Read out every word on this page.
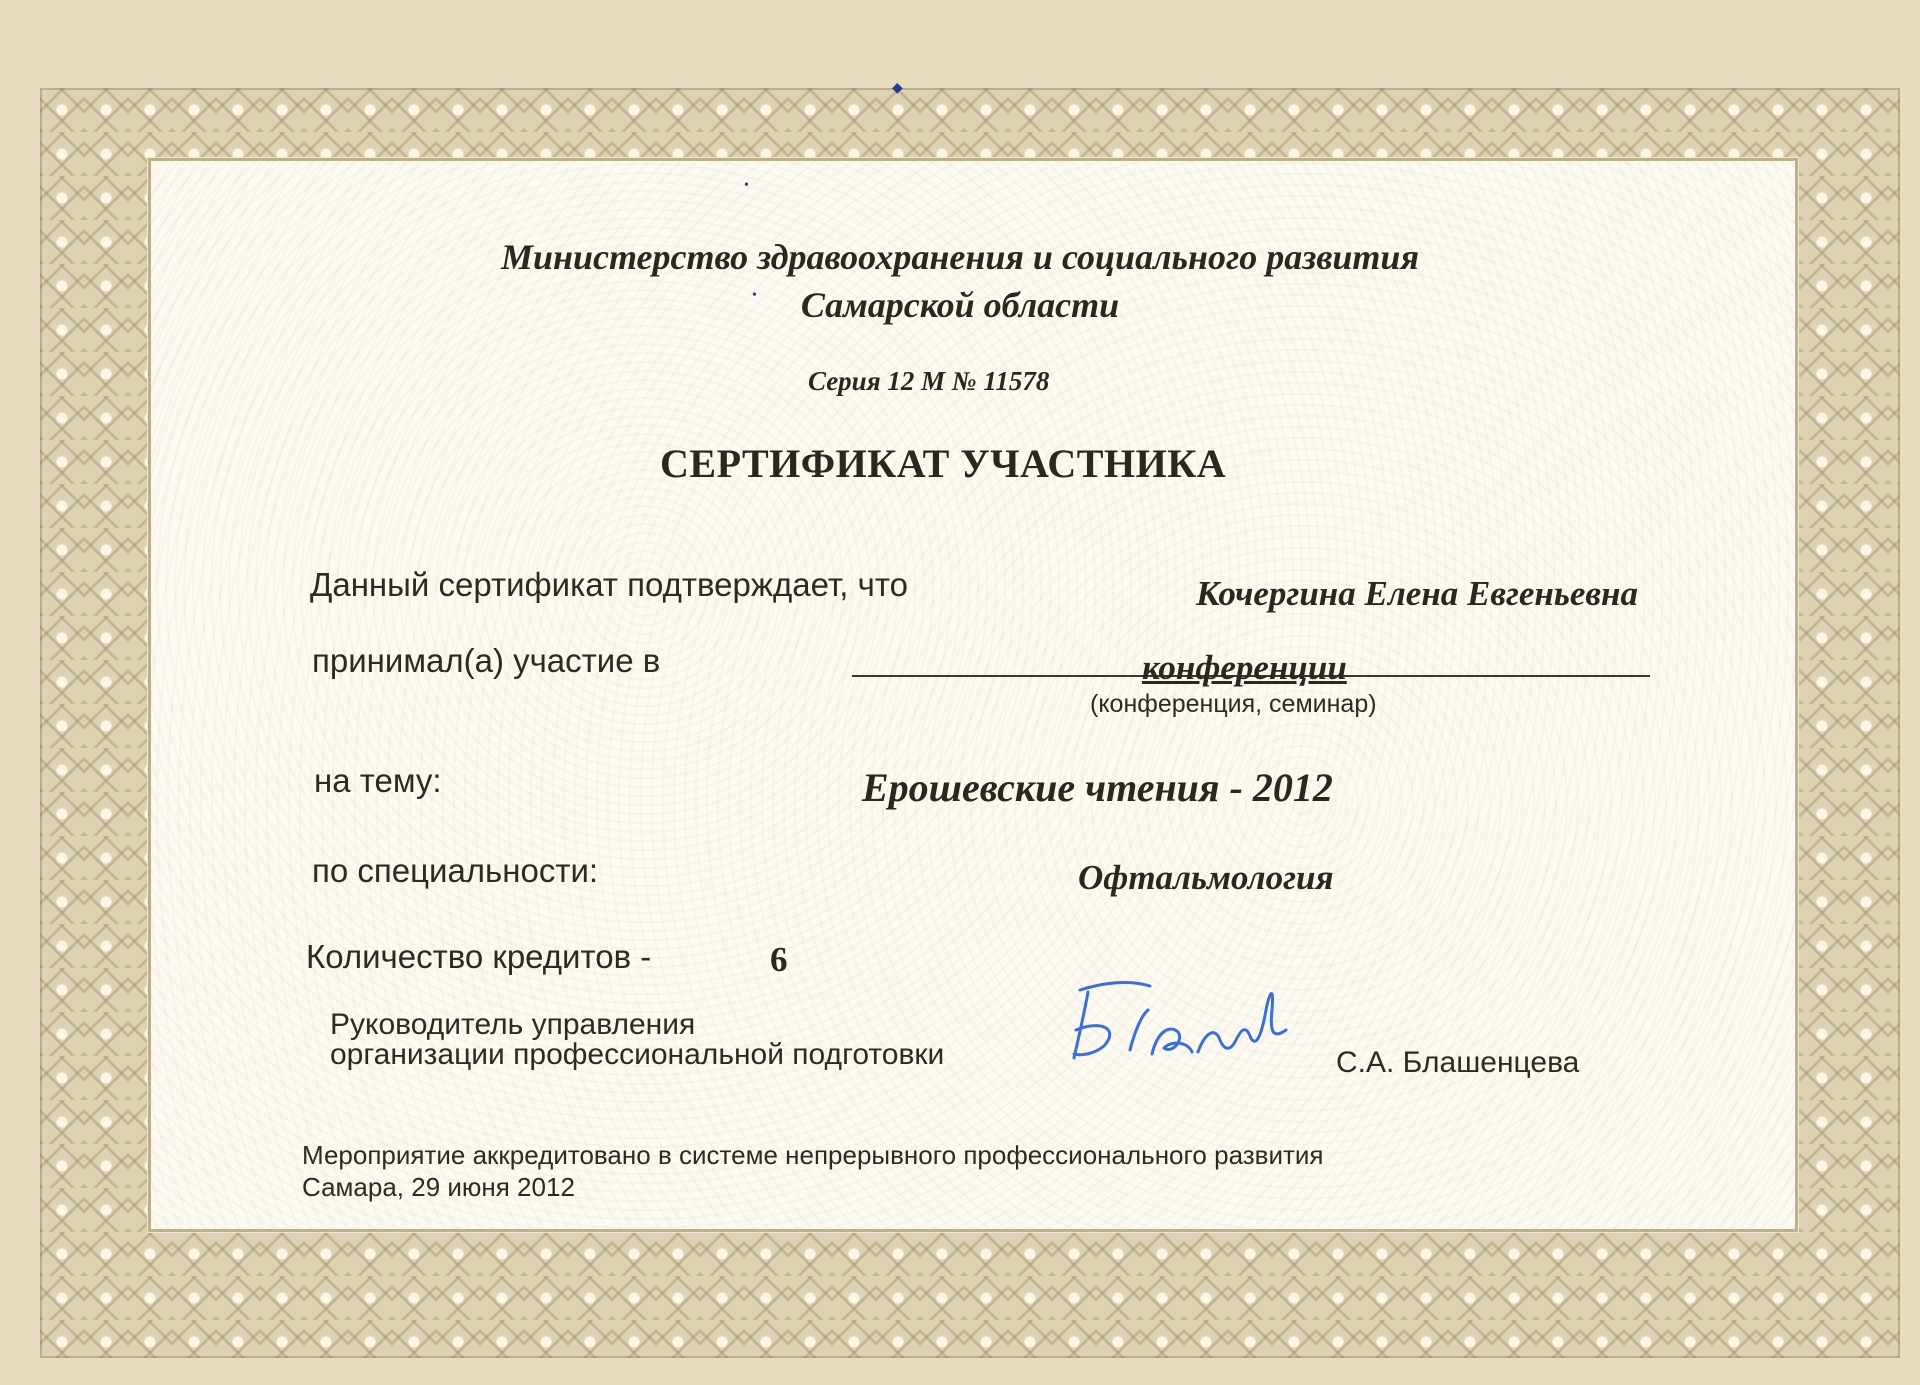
◆
•
•
Министерство здравоохранения и социального развития
Самарской области
Серия 12 М № 11578
СЕРТИФИКАТ УЧАСТНИКА
Данный сертификат подтверждает, что	Кочергина Елена Евгеньевна
принимал(а) участие в	конференции
(конференция, семинар)
на тему:	Ерошевские чтения - 2012
по специальности:	Офтальмология
Количество кредитов -	6
Руководитель управления
организации профессиональной подготовки	С.А. Блашенцева
Мероприятие аккредитовано в системе непрерывного профессионального развития
Самара, 29 июня 2012
